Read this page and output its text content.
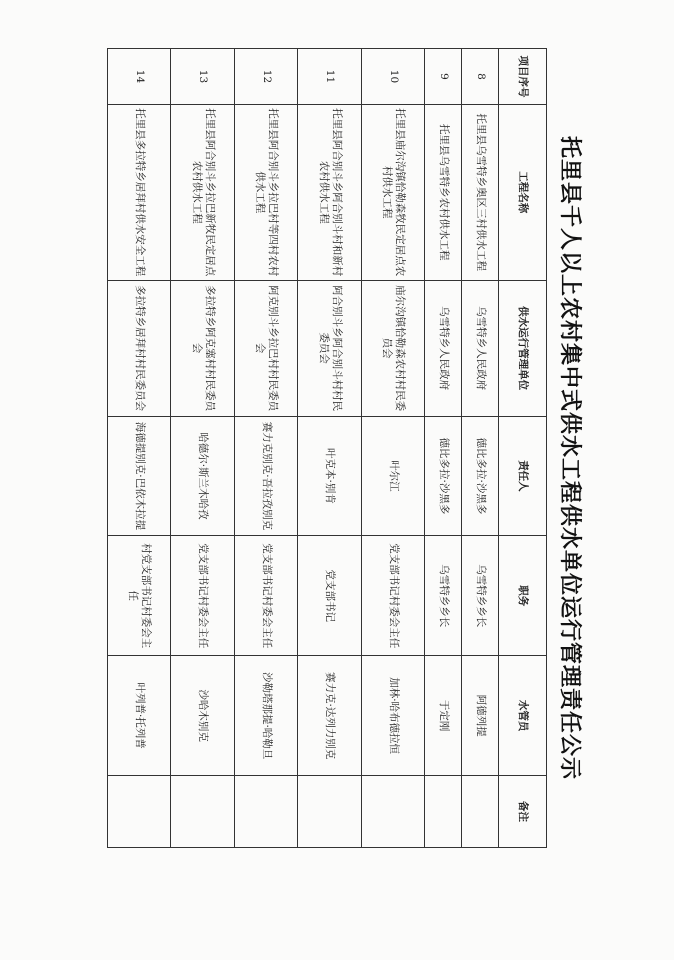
托里县千人以上农村集中式供水工程供水单位运行管理责任公示
项目序号	工程名称	供水运行管理单位	责任人	职务	水管员	备注
8	托里县乌雪特乡奥区三村供水工程	乌雪特乡人民政府	德比多拉·沙黑多	乌雪特乡乡长	阿德列提	
9	托里县乌雪特乡农村供水工程	乌雪特乡人民政府	德比多拉·沙黑多	乌雪特乡乡长	于定刚	
10	托里县庙尔沟镇恰勒森牧民定居点农村供水工程	庙尔沟镇恰勒森农村村民委员会	叶尔江	党支部书记村委会主任	加林·哈布德拉恒	
11	托里县阿合别斗乡阿合别斗村和新村农村供水工程	阿合别斗乡阿合别斗村村民委员会	叶克本·别肯	党支部书记	赛力克·达列力别克	
12	托里县阿合别斗乡拉巴村等四村农村供水工程	阿克别斗乡拉巴村村民委员会	赛力克别克·吾拉孜别克	党支部书记村委会主任	沙勒塔那提·哈勒旦	
13	托里县阿合别斗乡拉巴新牧民定居点农村供水工程	多拉特乡阿克塞村村民委员会	哈德尔·斯兰木哈孜	党支部书记村委会主任	沙哈木别克	
14	托里县多拉特乡居拜村供水安全工程	多拉特乡居拜村村民委员会	海德提别克·巴依木拉提	村党支部书记村委会主任	叶列普·托列普	
